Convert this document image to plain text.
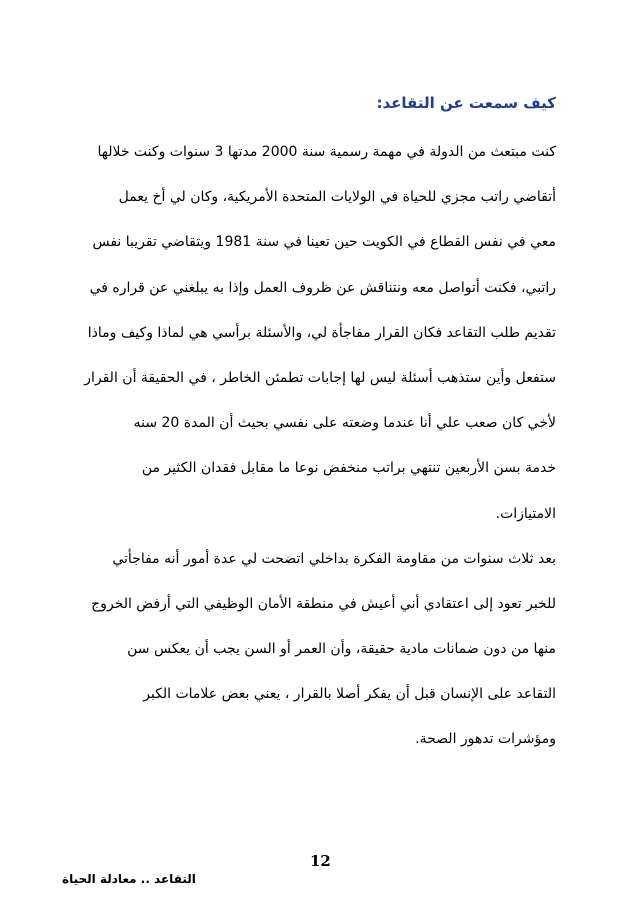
كيف سمعت عن التقاعد:
كنت مبتعث من الدولة في مهمة رسمية سنة 2000 مدتها 3 سنوات وكنت خلالها
أتقاضي راتب مجزي للحياة في الولايات المتحدة الأمريكية، وكان لي أخ يعمل
معي في نفس القطاع في الكويت حين تعينا في سنة 1981 ويتقاضي تقريبا نفس
راتبي، فكنت أتواصل معه ونتناقش عن ظروف العمل وإذا به يبلغني عن قراره في
تقديم طلب التقاعد فكان القرار مفاجأة لي، والأسئلة برأسي هي لماذا وكيف وماذا
ستفعل وأين ستذهب أسئلة ليس لها إجابات تطمئن الخاطر ، في الحقيقة أن القرار
لأخي كان صعب علي أنا عندما وضعته على نفسي بحيث أن المدة 20 سنه
خدمة بسن الأربعين تنتهي براتب منخفض نوعا ما مقابل فقدان الكثير من
الامتيازات.
بعد ثلاث سنوات من مقاومة الفكرة بداخلي اتضحت لي عدة أمور أنه مفاجأتي
للخبر تعود إلى اعتقادي أني أعيش في منطقة الأمان الوظيفي التي أرفض الخروج
منها من دون ضمانات مادية حقيقة، وأن العمر أو السن يجب أن يعكس سن
التقاعد على الإنسان قبل أن يفكر أصلا بالقرار ، يعني بعض علامات الكبر
ومؤشرات تدهور الصحة.
12
التقاعد .. معادلة الحياة
